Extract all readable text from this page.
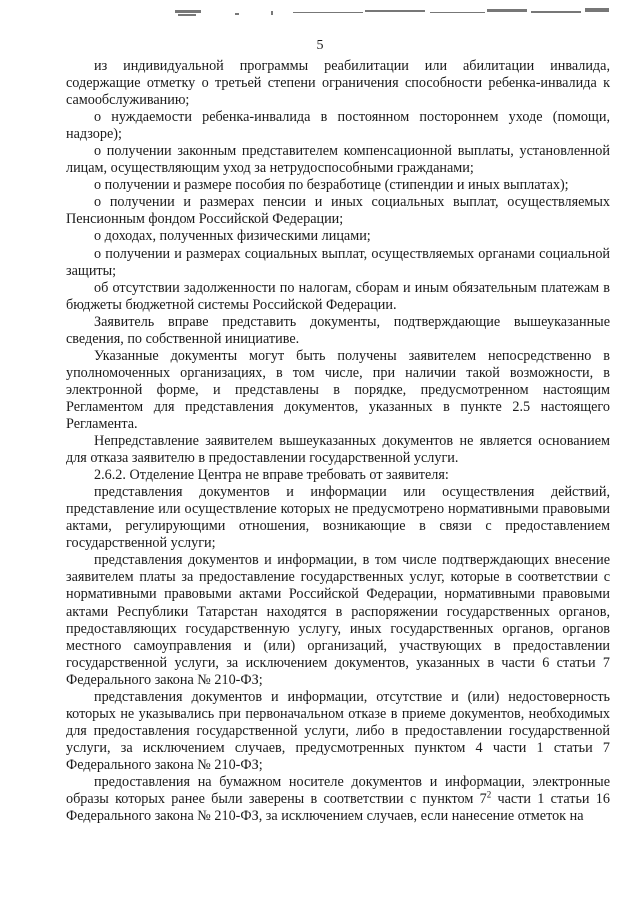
5

из индивидуальной программы реабилитации или абилитации инвалида, содержащие отметку о третьей степени ограничения способности ребенка-инвалида к самообслуживанию;

о нуждаемости ребенка-инвалида в постоянном постороннем уходе (помощи, надзоре);

о получении законным представителем компенсационной выплаты, установленной лицам, осуществляющим уход за нетрудоспособными гражданами;

о получении и размере пособия по безработице (стипендии и иных выплатах);

о получении и размерах пенсии и иных социальных выплат, осуществляемых Пенсионным фондом Российской Федерации;

о доходах, полученных физическими лицами;

о получении и размерах социальных выплат, осуществляемых органами социальной защиты;

об отсутствии задолженности по налогам, сборам и иным обязательным платежам в бюджеты бюджетной системы Российской Федерации.

Заявитель вправе представить документы, подтверждающие вышеуказанные сведения, по собственной инициативе.

Указанные документы могут быть получены заявителем непосредственно в уполномоченных организациях, в том числе, при наличии такой возможности, в электронной форме, и представлены в порядке, предусмотренном настоящим Регламентом для представления документов, указанных в пункте 2.5 настоящего Регламента.

Непредставление заявителем вышеуказанных документов не является основанием для отказа заявителю в предоставлении государственной услуги.

2.6.2. Отделение Центра не вправе требовать от заявителя:

представления документов и информации или осуществления действий, представление или осуществление которых не предусмотрено нормативными правовыми актами, регулирующими отношения, возникающие в связи с предоставлением государственной услуги;

представления документов и информации, в том числе подтверждающих внесение заявителем платы за предоставление государственных услуг, которые в соответствии с нормативными правовыми актами Российской Федерации, нормативными правовыми актами Республики Татарстан находятся в распоряжении государственных органов, предоставляющих государственную услугу, иных государственных органов, органов местного самоуправления и (или) организаций, участвующих в предоставлении государственной услуги, за исключением документов, указанных в части 6 статьи 7 Федерального закона № 210-ФЗ;

представления документов и информации, отсутствие и (или) недостоверность которых не указывались при первоначальном отказе в приеме документов, необходимых для предоставления государственной услуги, либо в предоставлении государственной услуги, за исключением случаев, предусмотренных пунктом 4 части 1 статьи 7 Федерального закона № 210-ФЗ;

предоставления на бумажном носителе документов и информации, электронные образы которых ранее были заверены в соответствии с пунктом $7^2$ части 1 статьи 16 Федерального закона № 210-ФЗ, за исключением случаев, если нанесение отметок на
